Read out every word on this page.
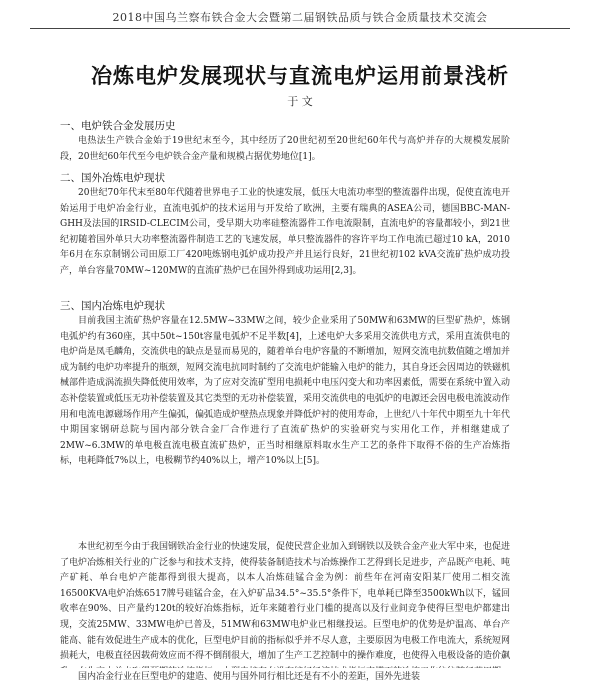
2018中国乌兰察布铁合金大会暨第二届钢铁品质与铁合金质量技术交流会
冶炼电炉发展现状与直流电炉运用前景浅析
于 文
一、电炉铁合金发展历史

电热法生产铁合金始于19世纪末至今，其中经历了20世纪初至20世纪60年代与高炉并存的大规模发展阶段，20世纪60年代至今电炉铁合金产量和规模占据优势地位[1]。

二、国外冶炼电炉现状

20世纪70年代末至80年代随着世界电子工业的快速发展，低压大电流功率型的整流器件出现，促使直流电开始运用于电炉冶金行业，直流电弧炉的技术运用与开发给了欧洲，主要有瑞典的ASEA公司，德国BBC-MAN-GHH及法国的IRSID-CLECIM公司，受早期大功率硅整流器件工作电流限制，直流电炉的容量都较小，到21世纪初随着国外单只大功率整流器件制造工艺的飞速发展，单只整流器件的容许平均工作电流已超过10 kA，2010年6月在东京制钢公司田原工厂420吨炼钢电弧炉成功投产并且运行良好，21世纪初102 kVA交流矿热炉成功投产，单台容量70MW~120MW的直流矿热炉已在国外得到成功运用[2,3]。

三、国内冶炼电炉现状

目前我国主流矿热炉容量在12.5MW~33MW之间，较少企业采用了50MW和63MW的巨型矿热炉，炼钢电弧炉约有360座，其中50t~150t容量电弧炉不足半数[4]，上述电炉大多采用交流供电方式，采用直流供电的电炉尚是凤毛麟角，交流供电的缺点是显而易见的，随着单台电炉容量的不断增加，短网交流电抗数值随之增加并成为制约电炉功率提升的瓶颈，短网交流电抗同时制约了交流电炉能输入电炉的能力，其自身还会因周边的铁磁机械部件造成涡流损失降低使用效率，为了应对交流矿型用电损耗中电压闪变大和功率因素低，需要在系统中置入动态补偿装置或低压无功补偿装置及其它类型的无功补偿装置，采用交流供电的电弧炉的电源还会因电极电流波动作用和电流电源磁场作用产生偏弧，偏弧造成炉壁热点现象并降低炉衬的使用寿命，上世纪八十年代中期至九十年代中期国家钢研总院与国内部分铁合金厂合作进行了直流矿热炉的实验研究与实用化工作，并相继建成了2MW~6.3MW的单电极直流电极直流矿热炉，正当时相继原料取水生产工艺的条件下取得不俗的生产冶炼指标，电耗降低7%以上，电极糊节约40%以上，增产10%以上[5]。

本世纪初至今由于我国钢铁冶金行业的快速发展，促使民营企业加入到钢铁以及铁合金产业大军中来，也促进了电炉冶炼相关行业的广泛参与和技术支持，使得装备制造技术与冶炼操作工艺得到长足进步，产品既产电耗、吨产矿耗、单台电炉产能都得到很大提高，以本人冶炼硅锰合金为例：前些年在河南安阳某厂使用二相交流16500KVA电炉冶炼6517牌号硅锰合金，在入炉矿品34.5°~35.5°条件下，电单耗已降至3500kWh以下，锰回收率在90%、日产量约120t的较好冶炼指标，近年来随着行业门槛的提高以及行业间竞争使得巨型电炉都建出现，交流25MW、33MW电炉已普及，51MW和63MW电炉业已相继投运。巨型电炉的优势是炉温高、单台产能高、能有效促进生产成本的优化，巨型电炉目前的指标似乎并不尽人意，主要原因为电极工作电流大，系统短网损耗大，电极直径因载荷效应而不得不倒削很大，增加了生产工艺控制中的操作难度，也使得入电极设备的造价飙

国内冶金行业在巨型电炉的建造、使用与国外同行相比还是有不小的差距，国外先进装
